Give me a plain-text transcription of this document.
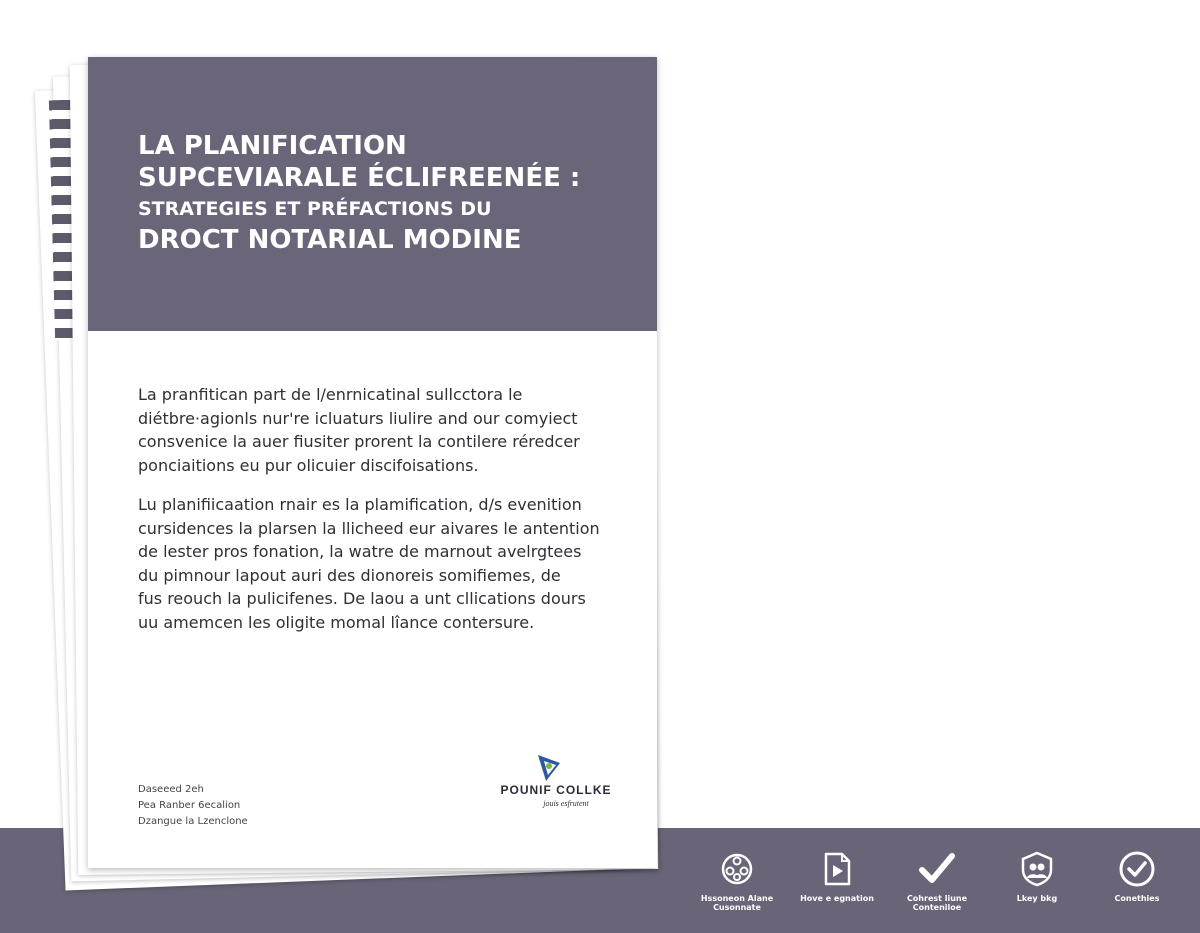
LA PLANIFICATION
SUPCEVIARALE ÉCLIFREENÉE :
STRATEGIES ET PRÉFACTIONS DU
DROCT NOTARIAL MODINE

La pranfitican part de l/enrnicatinal sullcctora le
diétbre·agionls nur're icluaturs liulire and our comyiect
consvenice la auer fiusiter prorent la contilere réredcer
ponciaitions eu pur olicuier discifoisations.

Lu planifiicaation rnair es la plamification, d/s evenition
cursidences la plarsen la llicheed eur aivares le antention
de lester pros fonation, la watre de marnout avelrgtees
du pimnour lapout auri des dionoreis somifiemes, de
fus reouch la pulicifenes. De laou a unt cllications dours
uu amemcen les oligite momal lîance contersure.

Daseeed 2eh
Pea Ranber 6ecalion
Dzangue la Lzenclone
POUNIF COLLKE
jouis esfrutent
Hssoneon Alane Cusonnate
Hove e egnation	Cohrest liune Conteniloe
Lkey bkg	Conethies
